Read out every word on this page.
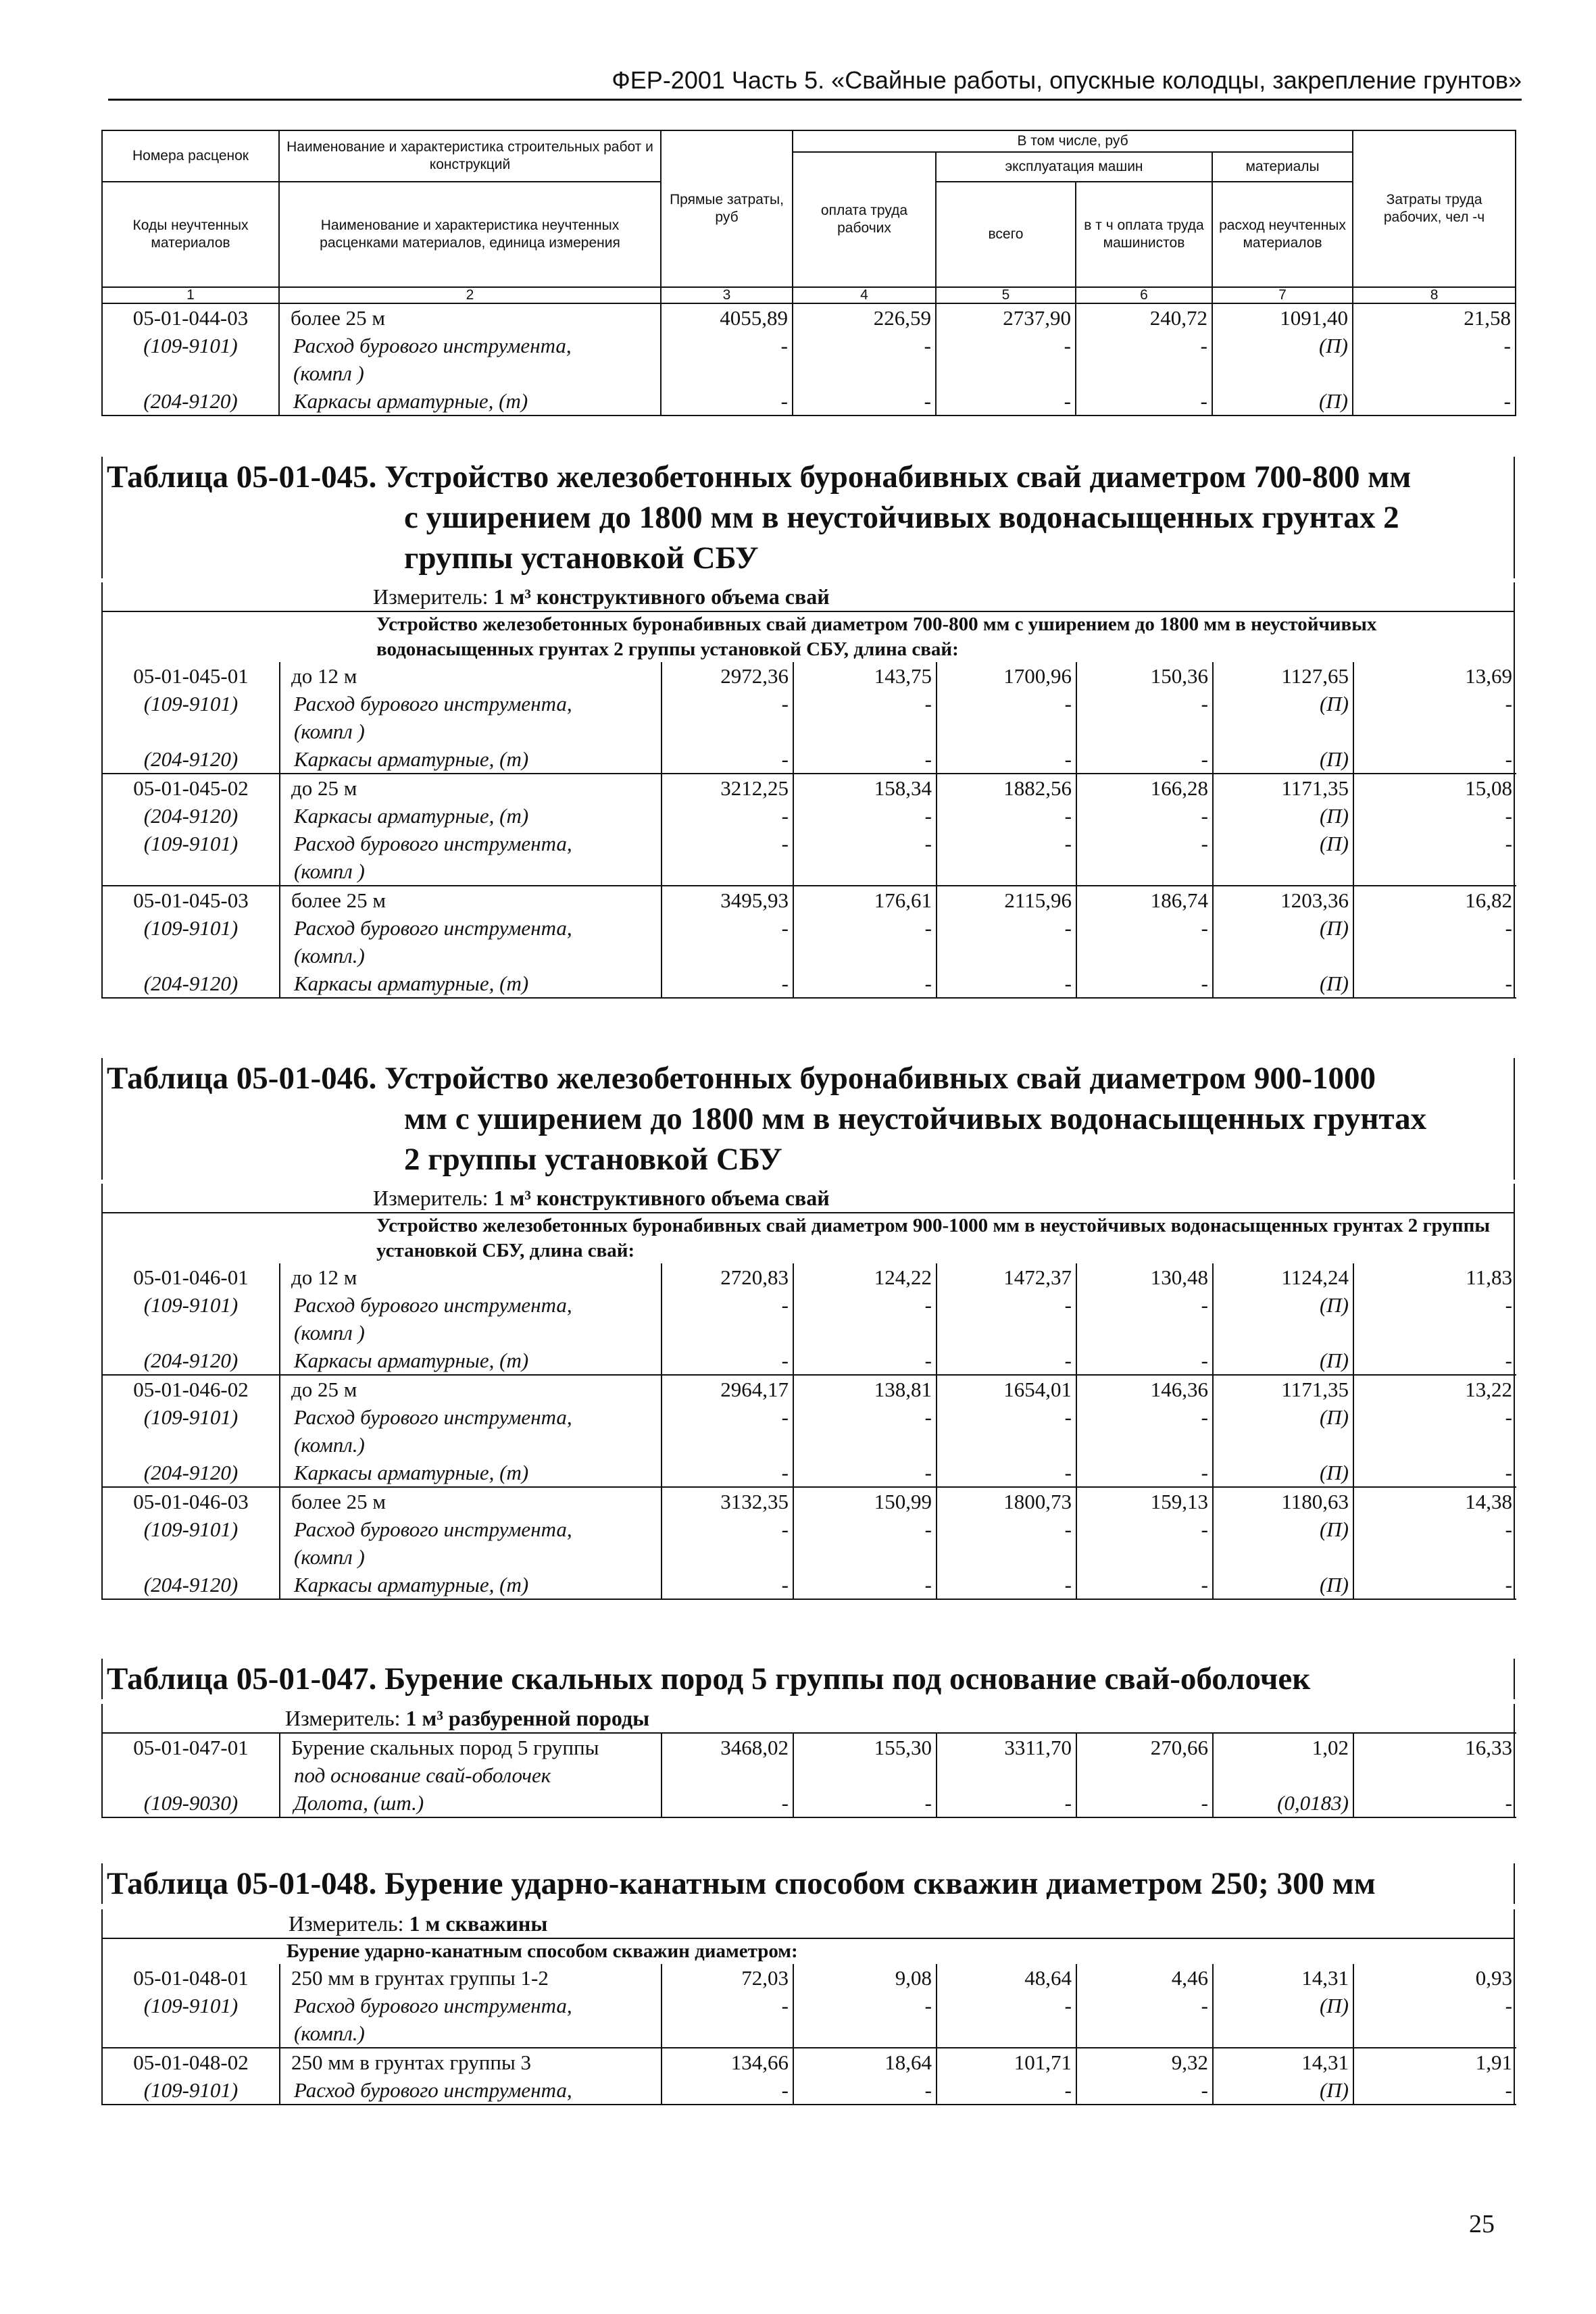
ФЕР-2001 Часть 5. «Свайные работы, опускные колодцы, закрепление грунтов»
Номера расценок	Наименование и характеристика строительных работ и конструкций	Прямые затраты, руб	В том числе, руб				Затраты труда рабочих, чел -ч
			оплата труда рабочих	эксплуатация машин		материалы	
Коды неучтенных материалов	Наименование и характеристика неучтенных расценками материалов, единица измерения			всего	в т ч оплата труда машинистов	расход неучтенных материалов	

1	2	3	4	5	6	7	8
05-01-044-03	более 25 м	4055,89	226,59	2737,90	240,72	1091,40	21,58
(109-9101)	Расход бурового инструмента,	-	-	-	-	(П)	-
	(компл )						
(204-9120)	Каркасы арматурные, (т)	-	-	-	-	(П)	-
Таблица 05-01-045. Устройство железобетонных буронабивных свай диаметром 700-800 мм
с уширением до 1800 мм в неустойчивых водонасыщенных грунтах 2
группы установкой СБУ
Измеритель: 1 м³ конструктивного объема свай
Устройство железобетонных буронабивных свай диаметром 700-800 мм с уширением до 1800 мм в неустойчивых водонасыщенных грунтах 2 группы установкой СБУ, длина свай:
05-01-045-01	до 12 м	2972,36	143,75	1700,96	150,36	1127,65	13,69
(109-9101)	Расход бурового инструмента,	-	-	-	-	(П)	-
	(компл )						
(204-9120)	Каркасы арматурные, (т)	-	-	-	-	(П)	-
05-01-045-02	до 25 м	3212,25	158,34	1882,56	166,28	1171,35	15,08
(204-9120)	Каркасы арматурные, (т)	-	-	-	-	(П)	-
(109-9101)	Расход бурового инструмента,	-	-	-	-	(П)	-
	(компл )						
05-01-045-03	более 25 м	3495,93	176,61	2115,96	186,74	1203,36	16,82
(109-9101)	Расход бурового инструмента,	-	-	-	-	(П)	-
	(компл.)						
(204-9120)	Каркасы арматурные, (т)	-	-	-	-	(П)	-
Таблица 05-01-046. Устройство железобетонных буронабивных свай диаметром 900-1000
мм с уширением до 1800 мм в неустойчивых водонасыщенных грунтах
2 группы установкой СБУ
Измеритель: 1 м³ конструктивного объема свай
Устройство железобетонных буронабивных свай диаметром 900-1000 мм в неустойчивых водонасыщенных грунтах 2 группы установкой СБУ, длина свай:
05-01-046-01	до 12 м	2720,83	124,22	1472,37	130,48	1124,24	11,83
(109-9101)	Расход бурового инструмента,	-	-	-	-	(П)	-
	(компл )						
(204-9120)	Каркасы арматурные, (т)	-	-	-	-	(П)	-
05-01-046-02	до 25 м	2964,17	138,81	1654,01	146,36	1171,35	13,22
(109-9101)	Расход бурового инструмента,	-	-	-	-	(П)	-
	(компл.)						
(204-9120)	Каркасы арматурные, (т)	-	-	-	-	(П)	-
05-01-046-03	более 25 м	3132,35	150,99	1800,73	159,13	1180,63	14,38
(109-9101)	Расход бурового инструмента,	-	-	-	-	(П)	-
	(компл )						
(204-9120)	Каркасы арматурные, (т)	-	-	-	-	(П)	-
Таблица 05-01-047. Бурение скальных пород 5 группы под основание свай-оболочек
Измеритель: 1 м³ разбуренной породы
05-01-047-01	Бурение скальных пород 5 группы	3468,02	155,30	3311,70	270,66	1,02	16,33
	под основание свай-оболочек						
(109-9030)	Долота, (шт.)	-	-	-	-	(0,0183)	-
Таблица 05-01-048. Бурение ударно-канатным способом скважин диаметром 250; 300 мм
Измеритель: 1 м скважины
Бурение ударно-канатным способом скважин диаметром:
05-01-048-01	250 мм в грунтах группы 1-2	72,03	9,08	48,64	4,46	14,31	0,93
(109-9101)	Расход бурового инструмента,	-	-	-	-	(П)	-
	(компл.)						
05-01-048-02	250 мм в грунтах группы 3	134,66	18,64	101,71	9,32	14,31	1,91
(109-9101)	Расход бурового инструмента,	-	-	-	-	(П)	-
25
